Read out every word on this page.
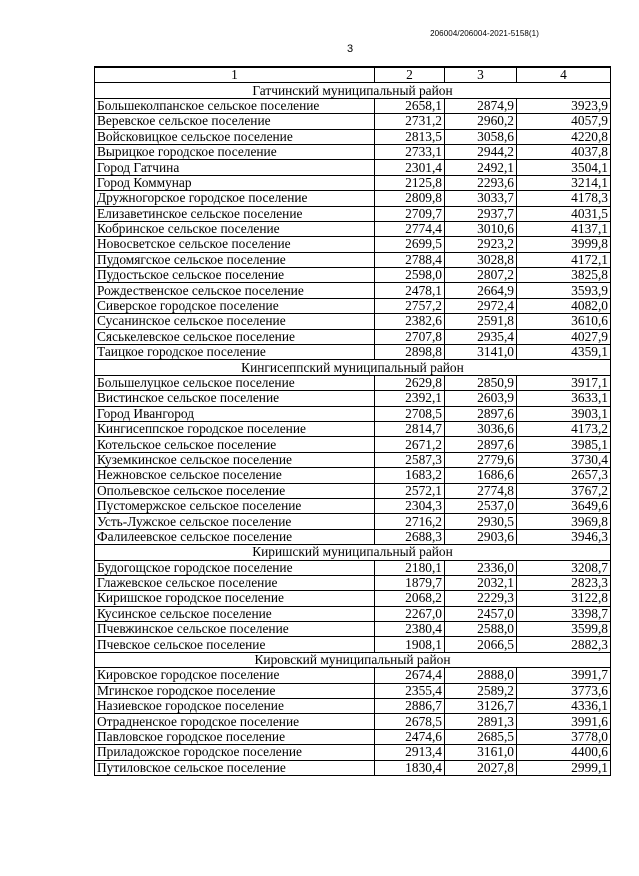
206004/206004-2021-5158(1)
3
1	2	3	4
Гатчинский муниципальный район			
Большеколпанское сельское поселение	2658,1	2874,9	3923,9
Веревское сельское поселение	2731,2	2960,2	4057,9
Войсковицкое сельское поселение	2813,5	3058,6	4220,8
Вырицкое городское поселение	2733,1	2944,2	4037,8
Город Гатчина	2301,4	2492,1	3504,1
Город Коммунар	2125,8	2293,6	3214,1
Дружногорское городское поселение	2809,8	3033,7	4178,3
Елизаветинское сельское поселение	2709,7	2937,7	4031,5
Кобринское сельское поселение	2774,4	3010,6	4137,1
Новосветское сельское поселение	2699,5	2923,2	3999,8
Пудомягское сельское поселение	2788,4	3028,8	4172,1
Пудостьское сельское поселение	2598,0	2807,2	3825,8
Рождественское сельское поселение	2478,1	2664,9	3593,9
Сиверское городское поселение	2757,2	2972,4	4082,0
Сусанинское сельское поселение	2382,6	2591,8	3610,6
Сяськелевское сельское поселение	2707,8	2935,4	4027,9
Таицкое городское поселение	2898,8	3141,0	4359,1
Кингисеппский муниципальный район			
Большелуцкое сельское поселение	2629,8	2850,9	3917,1
Вистинское сельское поселение	2392,1	2603,9	3633,1
Город Ивангород	2708,5	2897,6	3903,1
Кингисеппское городское поселение	2814,7	3036,6	4173,2
Котельское сельское поселение	2671,2	2897,6	3985,1
Куземкинское сельское поселение	2587,3	2779,6	3730,4
Нежновское сельское поселение	1683,2	1686,6	2657,3
Опольевское сельское поселение	2572,1	2774,8	3767,2
Пустомержское сельское поселение	2304,3	2537,0	3649,6
Усть-Лужское сельское поселение	2716,2	2930,5	3969,8
Фалилеевское сельское поселение	2688,3	2903,6	3946,3
Киришский муниципальный район			
Будогощское городское поселение	2180,1	2336,0	3208,7
Глажевское сельское поселение	1879,7	2032,1	2823,3
Киришское городское поселение	2068,2	2229,3	3122,8
Кусинское сельское поселение	2267,0	2457,0	3398,7
Пчевжинское сельское поселение	2380,4	2588,0	3599,8
Пчевское сельское поселение	1908,1	2066,5	2882,3
Кировский муниципальный район			
Кировское городское поселение	2674,4	2888,0	3991,7
Мгинское городское поселение	2355,4	2589,2	3773,6
Назиевское городское поселение	2886,7	3126,7	4336,1
Отрадненское городское поселение	2678,5	2891,3	3991,6
Павловское городское поселение	2474,6	2685,5	3778,0
Приладожское городское поселение	2913,4	3161,0	4400,6
Путиловское сельское поселение	1830,4	2027,8	2999,1
